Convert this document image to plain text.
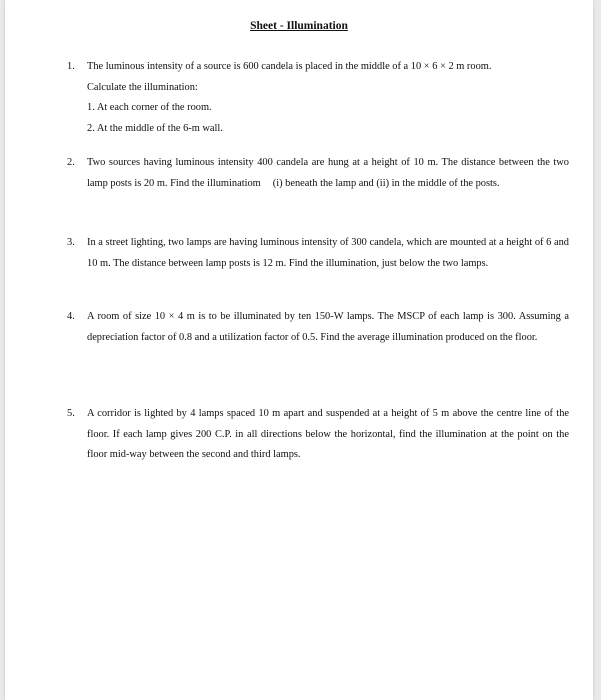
Sheet - Illumination
1.	The luminous intensity of a source is 600 candela is placed in the middle of a 10 × 6 × 2 m room.
Calculate the illumination:
1. At each corner of the room.
2. At the middle of the 6-m wall.
2.	Two sources having luminous intensity 400 candela are hung at a height of 10 m. The distance between the two lamp posts is 20 m. Find the illuminatiom (i) beneath the lamp and (ii) in the middle of the posts.
3.	In a street lighting, two lamps are having luminous intensity of 300 candela, which are mounted at a height of 6 and 10 m. The distance between lamp posts is 12 m. Find the illumination, just below the two lamps.
4.	A room of size 10 × 4 m is to be illuminated by ten 150-W lamps. The MSCP of each lamp is 300. Assuming a depreciation factor of 0.8 and a utilization factor of 0.5. Find the average illumination produced on the floor.
5.	A corridor is lighted by 4 lamps spaced 10 m apart and suspended at a height of 5 m above the centre line of the floor. If each lamp gives 200 C.P. in all directions below the horizontal, find the illumination at the point on the floor mid-way between the second and third lamps.
